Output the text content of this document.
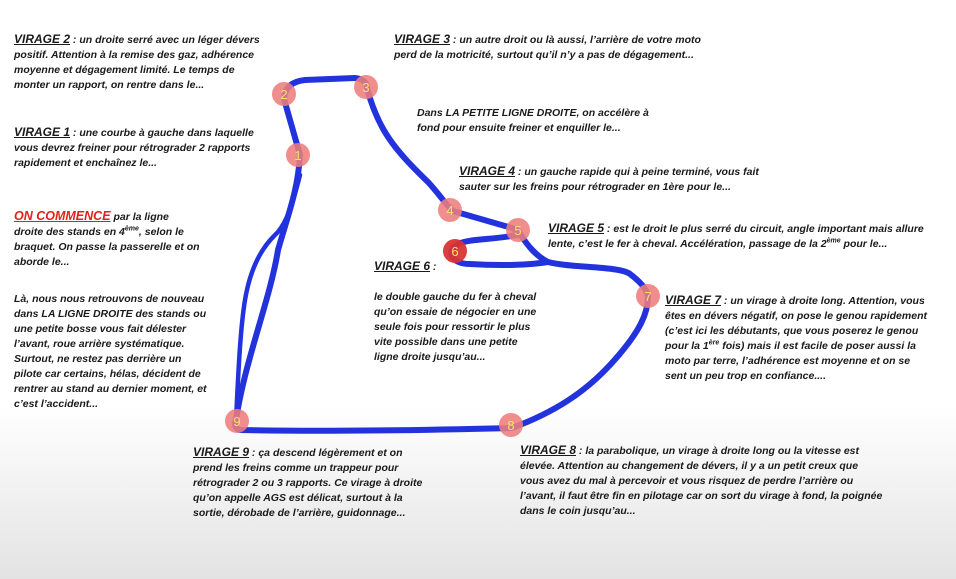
1
2	3
4
5
6
7
8
9

VIRAGE 2 : un droite serré avec un léger dévers
positif. Attention à la remise des gaz, adhérence
moyenne et dégagement limité. Le temps de
monter un rapport, on rentre dans le...

VIRAGE 1 : une courbe à gauche dans laquelle
vous devrez freiner pour rétrograder 2 rapports
rapidement et enchaînez le...

ON COMMENCE par la ligne
droite des stands en 4ème, selon le
braquet. On passe la passerelle et on
aborde le...

Là, nous nous retrouvons de nouveau
dans LA LIGNE DROITE des stands ou
une petite bosse vous fait délester
l’avant, roue arrière systématique.
Surtout, ne restez pas derrière un
pilote car certains, hélas, décident de
rentrer au stand au dernier moment, et
c’est l’accident...

VIRAGE 3 : un autre droit ou là aussi, l’arrière de votre moto
perd de la motricité, surtout qu’il n’y a pas de dégagement...

Dans LA PETITE LIGNE DROITE, on accélère à
fond pour ensuite freiner et enquiller le...

VIRAGE 4 : un gauche rapide qui à peine terminé, vous fait
sauter sur les freins pour rétrograder en 1ère pour le...

VIRAGE 5 : est le droit le plus serré du circuit, angle important mais allure
lente, c’est le fer à cheval. Accélération, passage de la 2ème pour le...

VIRAGE 6 :

le double gauche du fer à cheval
qu’on essaie de négocier en une
seule fois pour ressortir le plus
vite possible dans une petite
ligne droite jusqu’au...

VIRAGE 7 : un virage à droite long. Attention, vous
êtes en dévers négatif, on pose le genou rapidement
(c’est ici les débutants, que vous poserez le genou
pour la 1ère fois) mais il est facile de poser aussi la
moto par terre, l’adhérence est moyenne et on se
sent un peu trop en confiance....

VIRAGE 8 : la parabolique, un virage à droite long ou la vitesse est
élevée. Attention au changement de dévers, il y a un petit creux que
vous avez du mal à percevoir et vous risquez de perdre l’arrière ou
l’avant, il faut être fin en pilotage car on sort du virage à fond, la poignée
dans le coin jusqu’au...

VIRAGE 9 : ça descend légèrement et on
prend les freins comme un trappeur pour
rétrograder 2 ou 3 rapports. Ce virage à droite
qu’on appelle AGS est délicat, surtout à la
sortie, dérobade de l’arrière, guidonnage...
